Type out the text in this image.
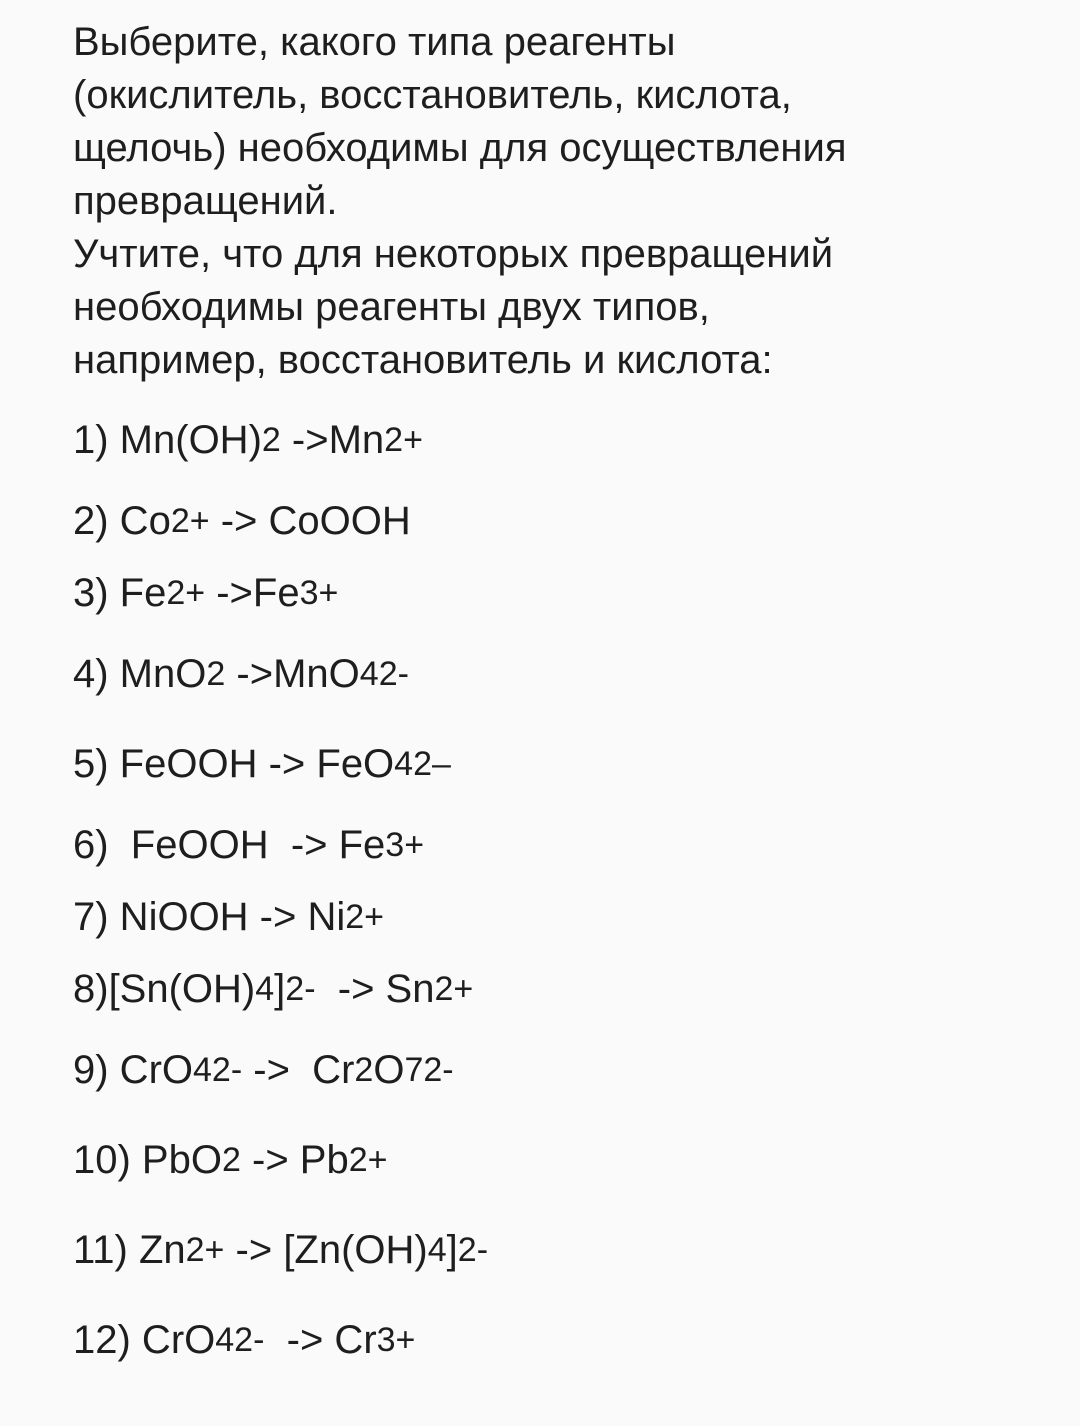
Выберите, какого типа реагенты

(окислитель, восстановитель, кислота,

щелочь) необходимы для осуществления

превращений.

Учтите, что для некоторых превращений

необходимы реагенты двух типов,

например, восстановитель и кислота:

1) Mn(OH) 2 ->Mn 2+
2) Co 2+ -> CoOOH
3) Fe 2+ ->Fe 3+
4) MnO 2 ->MnO 4 2-
5) FeOOH -> FeO 4 2–
6)  FeOOH  -> Fe 3+
7) NiOOH -> Ni 2+
8)[Sn(OH) 4 ] 2- -> Sn 2+
9) CrO 4 2- ->  Cr 2 O 7 2-
10) PbO 2 -> Pb 2+
11) Zn 2+ -> [Zn(OH) 4 ] 2-
12) CrO 4 2- -> Cr 3+
